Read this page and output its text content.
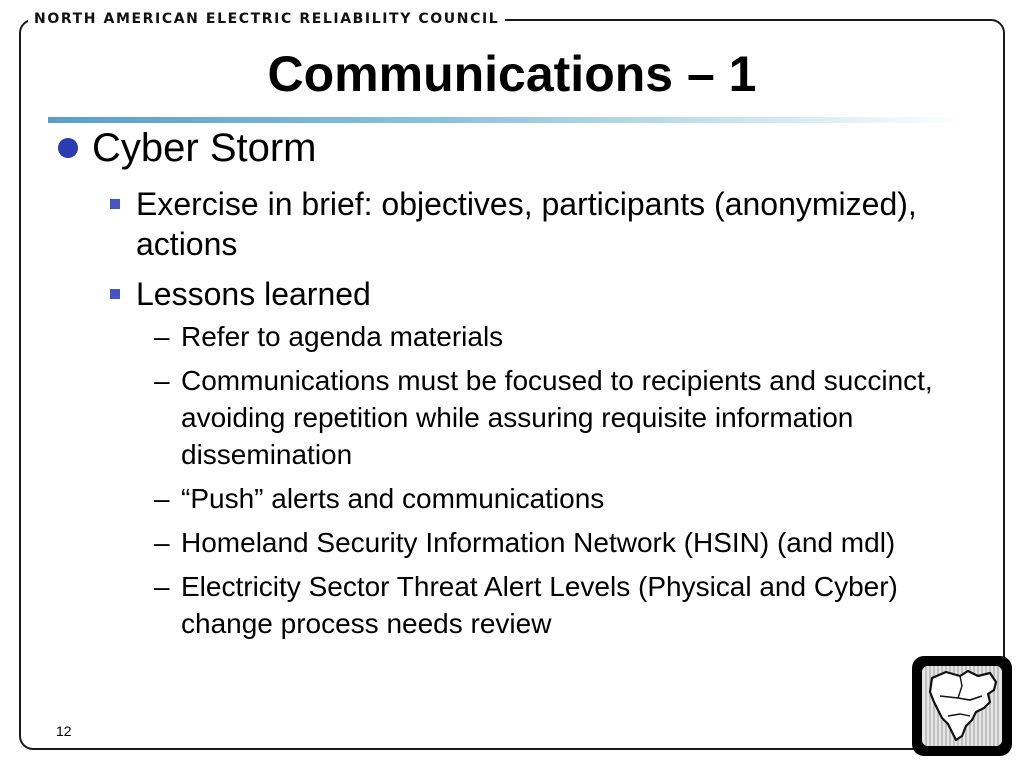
NORTH AMERICAN ELECTRIC RELIABILITY COUNCIL
Communications – 1
Cyber Storm
Exercise in brief: objectives, participants (anonymized), actions
Lessons learned
– Refer to agenda materials
– Communications must be focused to recipients and succinct, avoiding repetition while assuring requisite information dissemination
– “Push” alerts and communications
– Homeland Security Information Network (HSIN) (and mdl)
– Electricity Sector Threat Alert Levels (Physical and Cyber) change process needs review
12
